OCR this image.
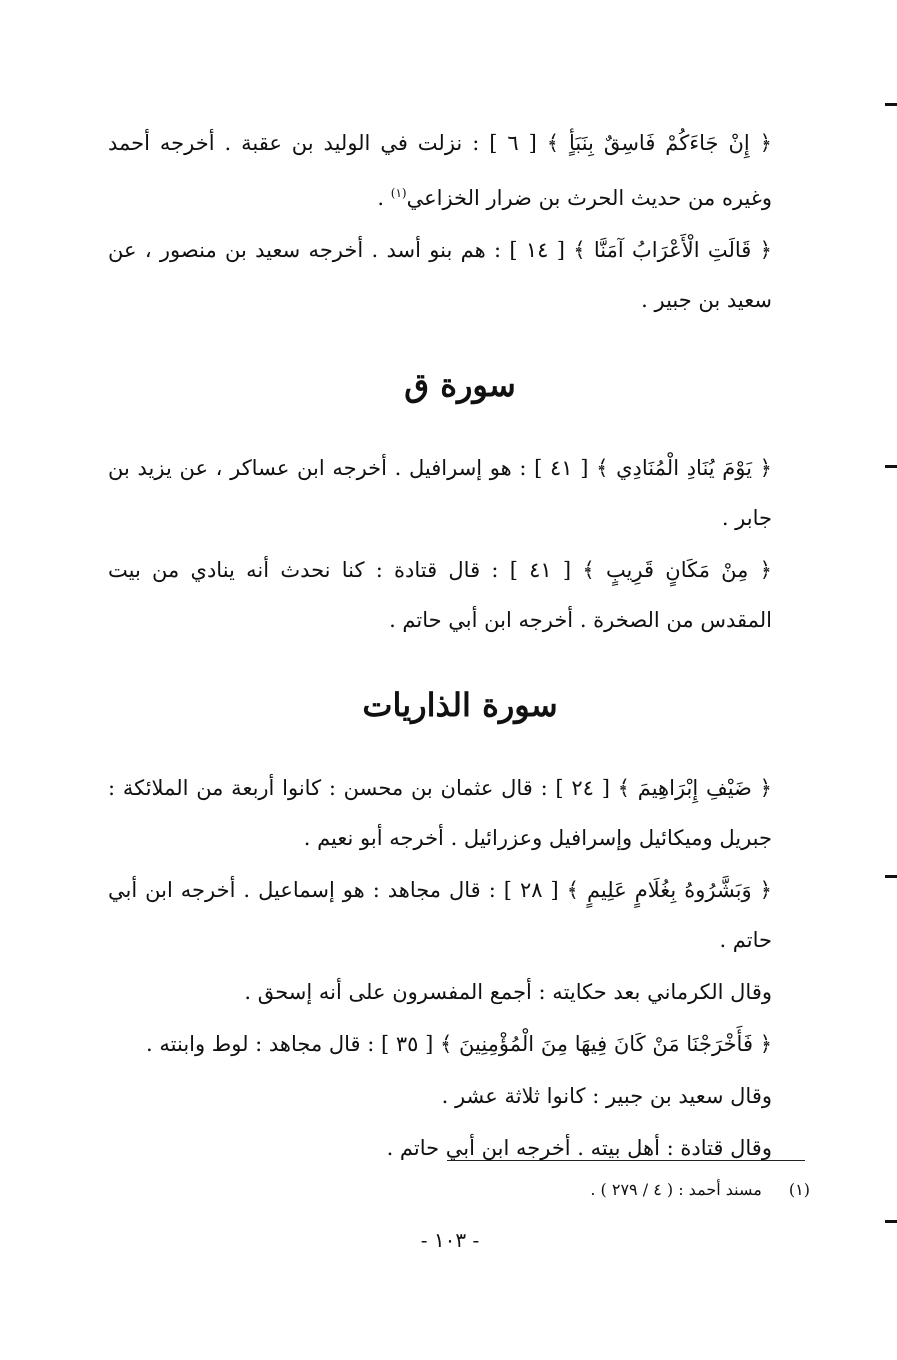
﴿ إِنْ جَاءَكُمْ فَاسِقٌ بِنَبَأٍ ﴾ [ ٦ ] : نزلت في الوليد بن عقبة . أخرجه أحمد وغيره من حديث الحرث بن ضرار الخزاعي$^{(١)}$ .

﴿ قَالَتِ الْأَعْرَابُ آمَنَّا ﴾ [ ١٤ ] : هم بنو أسد . أخرجه سعيد بن منصور ، عن سعيد بن جبير .

سورة ق

﴿ يَوْمَ يُنَادِ الْمُنَادِي ﴾ [ ٤١ ] : هو إسرافيل . أخرجه ابن عساكر ، عن يزيد بن جابر .

﴿ مِنْ مَكَانٍ قَرِيبٍ ﴾ [ ٤١ ] : قال قتادة : كنا نحدث أنه ينادي من بيت المقدس من الصخرة . أخرجه ابن أبي حاتم .

سورة الذاريات

﴿ ضَيْفِ إِبْرَاهِيمَ ﴾ [ ٢٤ ] : قال عثمان بن محسن : كانوا أربعة من الملائكة : جبريل وميكائيل وإسرافيل وعزرائيل . أخرجه أبو نعيم .

﴿ وَبَشَّرُوهُ بِغُلَامٍ عَلِيمٍ ﴾ [ ٢٨ ] : قال مجاهد : هو إسماعيل . أخرجه ابن أبي حاتم .

وقال الكرماني بعد حكايته : أجمع المفسرون على أنه إسحق .

﴿ فَأَخْرَجْنَا مَنْ كَانَ فِيهَا مِنَ الْمُؤْمِنِينَ ﴾ [ ٣٥ ] : قال مجاهد : لوط وابنته .

وقال سعيد بن جبير : كانوا ثلاثة عشر .

وقال قتادة : أهل بيته . أخرجه ابن أبي حاتم .

(١) مسند أحمد : ( ٤ / ٢٧٩ ) .
- ١٠٣ -
